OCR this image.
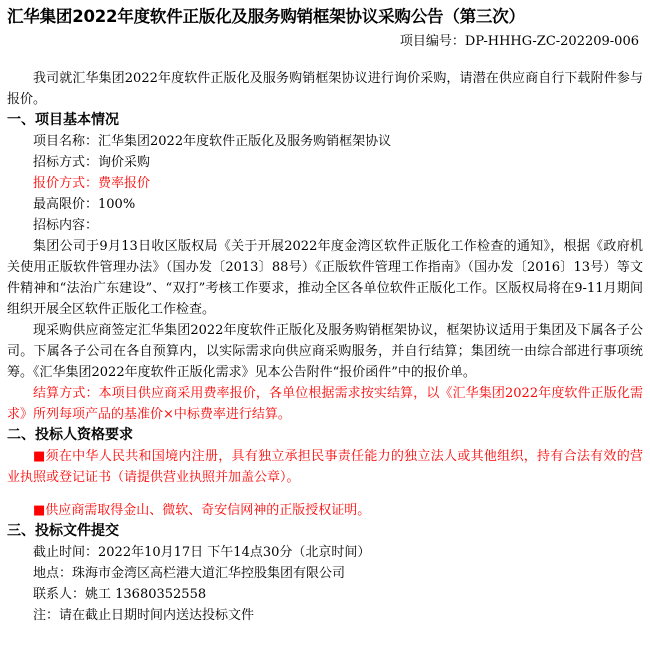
汇华集团2022年度软件正版化及服务购销框架协议采购公告（第三次）
项目编号：DP-HHHG-ZC-202209-006

我司就汇华集团2022年度软件正版化及服务购销框架协议进行询价采购，请潜在供应商自行下载附件参与报价。

一、项目基本情况

项目名称：汇华集团2022年度软件正版化及服务购销框架协议

招标方式：询价采购

报价方式：费率报价

最高限价：100%

招标内容：

集团公司于9月13日收区版权局《关于开展2022年度金湾区软件正版化工作检查的通知》，根据《政府机关使用正版软件管理办法》（国办发〔2013〕88号）《正版软件管理工作指南》（国办发〔2016〕13号）等文件精神和“法治广东建设”、“双打”考核工作要求，推动全区各单位软件正版化工作。区版权局将在9-11月期间组织开展全区软件正版化工作检查。

现采购供应商签定汇华集团2022年度软件正版化及服务购销框架协议，框架协议适用于集团及下属各子公司。下属各子公司在各自预算内，以实际需求向供应商采购服务，并自行结算；集团统一由综合部进行事项统筹。《汇华集团2022年度软件正版化需求》见本公告附件“报价函件”中的报价单。

结算方式：本项目供应商采用费率报价，各单位根据需求按实结算，以《汇华集团2022年度软件正版化需求》所列每项产品的基准价×中标费率进行结算。

二、投标人资格要求

■须在中华人民共和国境内注册，具有独立承担民事责任能力的独立法人或其他组织，持有合法有效的营业执照或登记证书（请提供营业执照并加盖公章）。

■供应商需取得金山、微软、奇安信网神的正版授权证明。

三、投标文件提交

截止时间：2022年10月17日 下午14点30分（北京时间）

地点：珠海市金湾区高栏港大道汇华控股集团有限公司

联系人：姚工 13680352558

注：请在截止日期时间内送达投标文件
